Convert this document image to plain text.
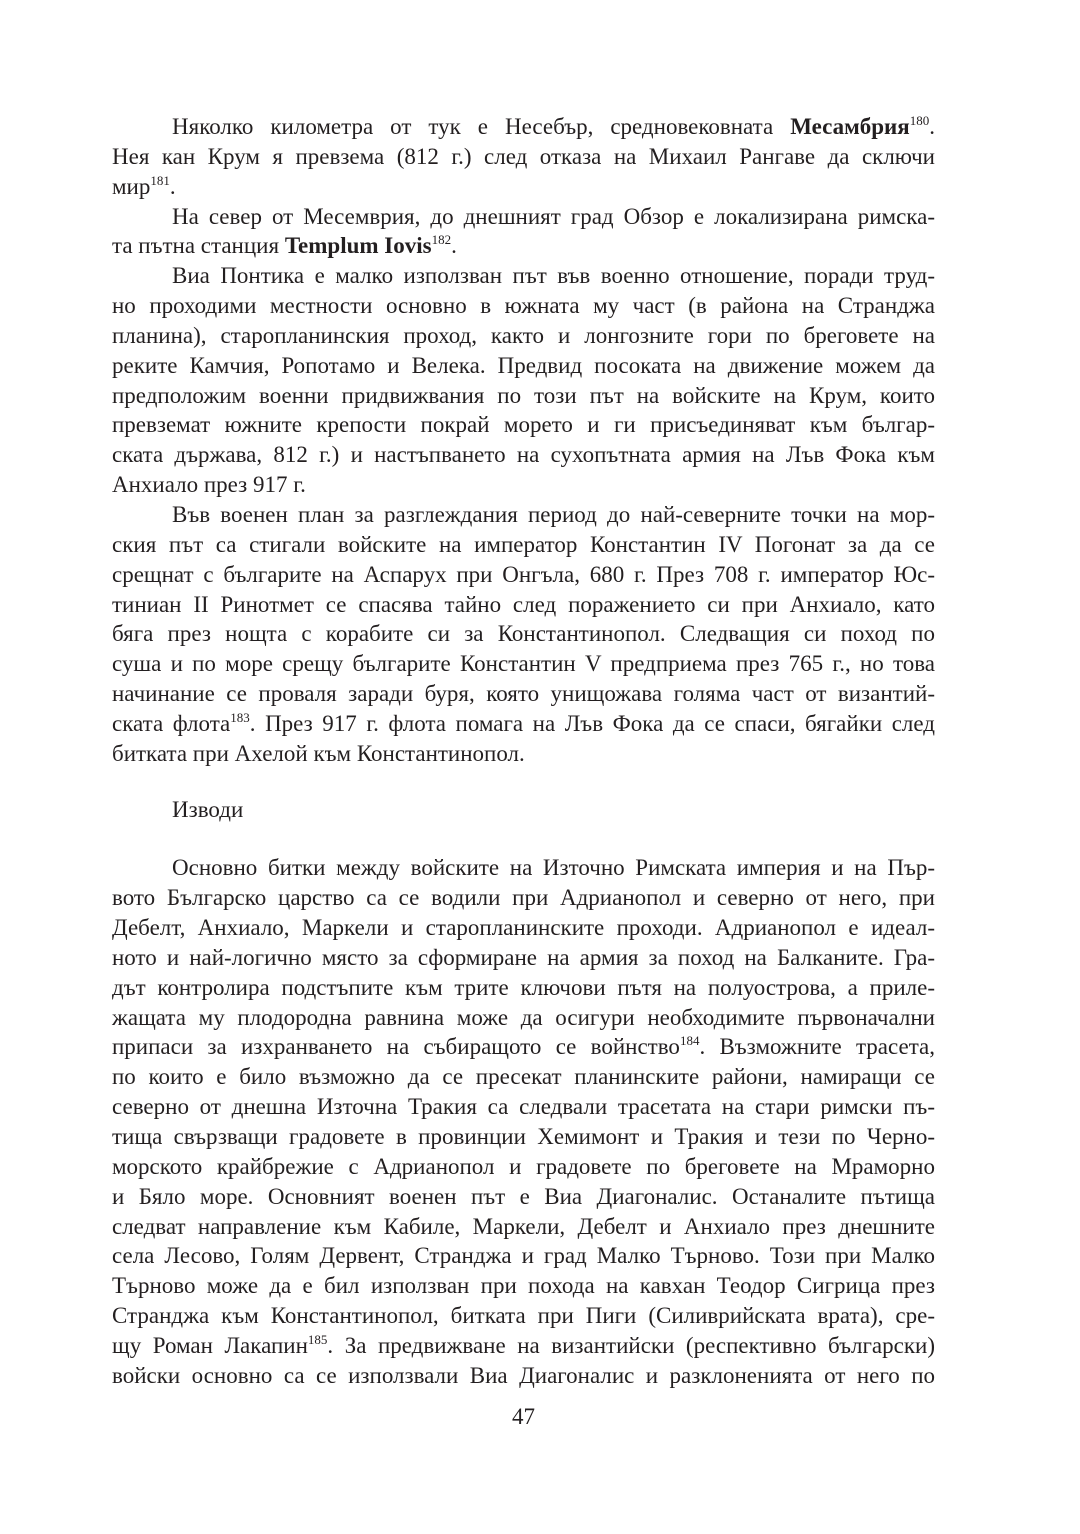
Няколко километра от тук е Несебър, средновековната Месамбрия$^{180}$.
Нея кан Крум я превзема (812 г.) след отказа на Михаил Рангаве да сключи
мир$^{181}$.
На север от Месемврия, до днешният град Обзор е локализирана римска-
та пътна станция Templum Iovis$^{182}$.
Виа Понтика е малко използван път във военно отношение, поради труд-
но проходими местности основно в южната му част (в района на Странджа
планина), старопланинския проход, както и лонгозните гори по бреговете на
реките Камчия, Ропотамо и Велека. Предвид посоката на движение можем да
предположим военни придвижвания по този път на войските на Крум, които
превземат южните крепости покрай морето и ги присъединяват към българ-
ската държава, 812 г.) и настъпването на сухопътната армия на Лъв Фока към
Анхиало през 917 г.
Във военен план за разглеждания период до най-северните точки на мор-
ския път са стигали войските на император Константин IV Погонат за да се
срещнат с българите на Аспарух при Онгъла, 680 г. През 708 г. император Юс-
тиниан II Ринотмет се спасява тайно след поражението си при Анхиало, като
бяга през нощта с корабите си за Константинопол. Следващия си поход по
суша и по море срещу българите Константин V предприема през 765 г., но това
начинание се проваля заради буря, която унищожава голяма част от византий-
ската флота$^{183}$. През 917 г. флота помага на Лъв Фока да се спаси, бягайки след
битката при Ахелой към Константинопол.
Изводи
Основно битки между войските на Източно Римската империя и на Пър-
вото Българско царство са се водили при Адрианопол и северно от него, при
Дебелт, Анхиало, Маркели и старопланинските проходи. Адрианопол е идеал-
ното и най-логично място за сформиране на армия за поход на Балканите. Гра-
дът контролира подстъпите към трите ключови пътя на полуострова, а приле-
жащата му плодородна равнина може да осигури необходимите първоначални
припаси за изхранването на събиращото се войнство$^{184}$. Възможните трасета,
по които е било възможно да се пресекат планинските райони, намиращи се
северно от днешна Източна Тракия са следвали трасетата на стари римски пъ-
тища свързващи градовете в провинции Хемимонт и Тракия и тези по Черно-
морското крайбрежие с Адрианопол и градовете по бреговете на Мраморно
и Бяло море. Основният военен път е Виа Диагоналис. Останалите пътища
следват направление към Кабиле, Маркели, Дебелт и Анхиало през днешните
села Лесово, Голям Дервент, Странджа и град Малко Търново. Този при Малко
Търново може да е бил използван при похода на кавхан Теодор Сигрица през
Странджа към Константинопол, битката при Пиги (Силиврийската врата), сре-
щу Роман Лакапин$^{185}$. За предвижване на византийски (респективно български)
войски основно са се използвали Виа Диагоналис и разклоненията от него по
47
